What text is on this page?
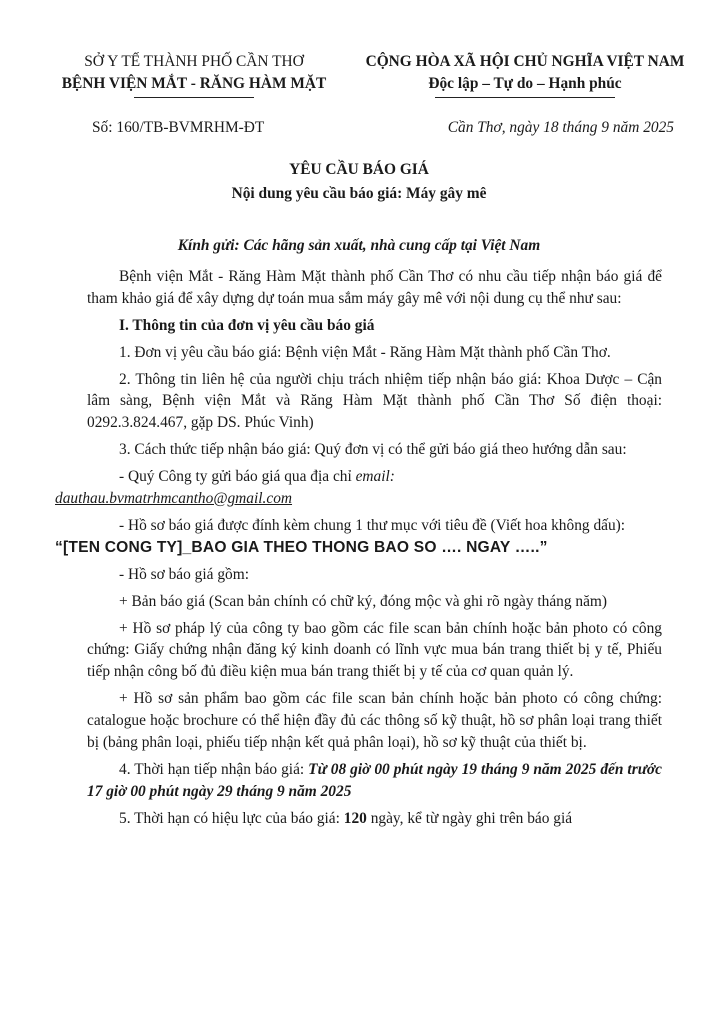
SỞ Y TẾ THÀNH PHỐ CẦN THƠ
BỆNH VIỆN MẮT - RĂNG HÀM MẶT
CỘNG HÒA XÃ HỘI CHỦ NGHĨA VIỆT NAM
Độc lập – Tự do – Hạnh phúc
Số: 160/TB-BVMRHM-ĐT	Cần Thơ, ngày 18 tháng 9 năm 2025
YÊU CẦU BÁO GIÁ
Nội dung yêu cầu báo giá: Máy gây mê
Kính gửi: Các hãng sản xuất, nhà cung cấp tại Việt Nam

Bệnh viện Mắt - Răng Hàm Mặt thành phố Cần Thơ có nhu cầu tiếp nhận báo giá để tham khảo giá để xây dựng dự toán mua sắm máy gây mê với nội dung cụ thể như sau:

I. Thông tin của đơn vị yêu cầu báo giá

1. Đơn vị yêu cầu báo giá: Bệnh viện Mắt - Răng Hàm Mặt thành phố Cần Thơ.

2. Thông tin liên hệ của người chịu trách nhiệm tiếp nhận báo giá: Khoa Dược – Cận lâm sàng, Bệnh viện Mắt và Răng Hàm Mặt thành phố Cần Thơ Số điện thoại: 0292.3.824.467, gặp DS. Phúc Vinh)

3. Cách thức tiếp nhận báo giá: Quý đơn vị có thể gửi báo giá theo hướng dẫn sau:

- Quý Công ty gửi báo giá qua địa chỉ email:
dauthau.bvmatrhmcantho@gmail.com

- Hồ sơ báo giá được đính kèm chung 1 thư mục với tiêu đề (Viết hoa không dấu):
“[TEN CONG TY]_BAO GIA THEO THONG BAO SO …. NGAY …..”

- Hồ sơ báo giá gồm:

+ Bản báo giá (Scan bản chính có chữ ký, đóng mộc và ghi rõ ngày tháng năm)

+ Hồ sơ pháp lý của công ty bao gồm các file scan bản chính hoặc bản photo có công chứng: Giấy chứng nhận đăng ký kinh doanh có lĩnh vực mua bán trang thiết bị y tế, Phiếu tiếp nhận công bố đủ điều kiện mua bán trang thiết bị y tế của cơ quan quản lý.

+ Hồ sơ sản phẩm bao gồm các file scan bản chính hoặc bản photo có công chứng: catalogue hoặc brochure có thể hiện đầy đủ các thông số kỹ thuật, hồ sơ phân loại trang thiết bị (bảng phân loại, phiếu tiếp nhận kết quả phân loại), hồ sơ kỹ thuật của thiết bị.

4. Thời hạn tiếp nhận báo giá: Từ 08 giờ 00 phút ngày 19 tháng 9 năm 2025 đến trước 17 giờ 00 phút ngày 29 tháng 9 năm 2025

5. Thời hạn có hiệu lực của báo giá: 120 ngày, kể từ ngày ghi trên báo giá
